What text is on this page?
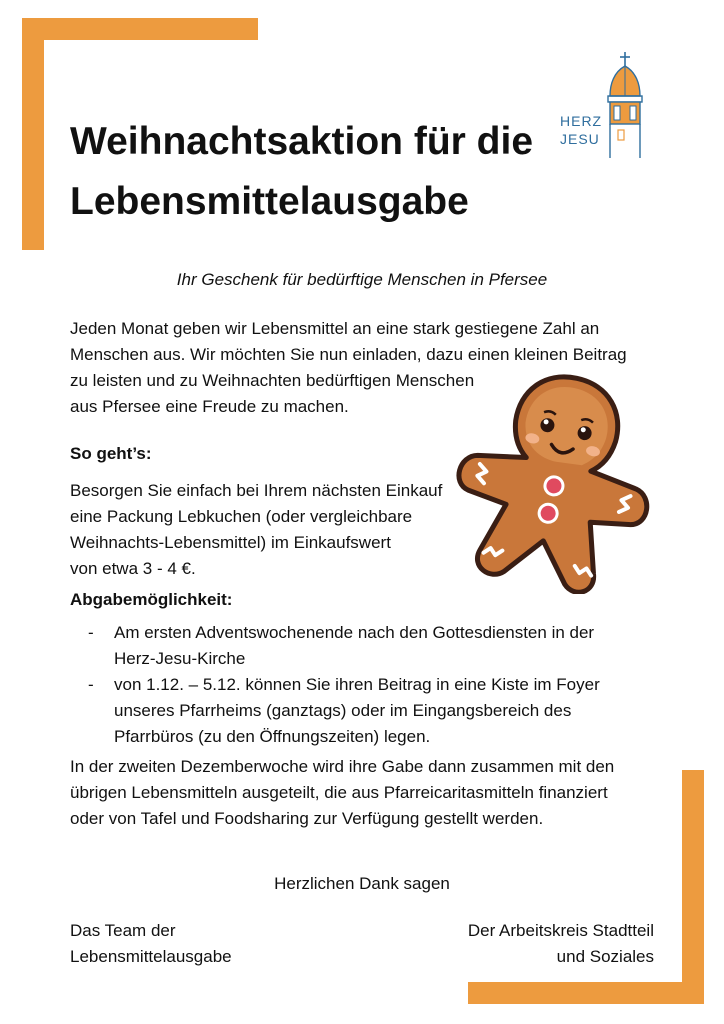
Weihnachtsaktion für die
Lebensmittelausgabe
HERZ
JESU
Ihr Geschenk für bedürftige Menschen in Pfersee
Jeden Monat geben wir Lebensmittel an eine stark gestiegene Zahl an
Menschen aus. Wir möchten Sie nun einladen, dazu einen kleinen Beitrag
zu leisten und zu Weihnachten bedürftigen Menschen
aus Pfersee eine Freude zu machen.
So geht’s:
Besorgen Sie einfach bei Ihrem nächsten Einkauf
eine Packung Lebkuchen (oder vergleichbare
Weihnachts-Lebensmittel) im Einkaufswert
von etwa 3 - 4 €.
Abgabemöglichkeit:
-	Am ersten Adventswochenende nach den Gottesdiensten in der
Herz-Jesu-Kirche
-	von 1.12. – 5.12. können Sie ihren Beitrag in eine Kiste im Foyer
unseres Pfarrheims (ganztags) oder im Eingangsbereich des
Pfarrbüros (zu den Öffnungszeiten) legen.
In der zweiten Dezemberwoche wird ihre Gabe dann zusammen mit den
übrigen Lebensmitteln ausgeteilt, die aus Pfarreicaritasmitteln finanziert
oder von Tafel und Foodsharing zur Verfügung gestellt werden.
Herzlichen Dank sagen
Das Team der
Lebensmittelausgabe
Der Arbeitskreis Stadtteil
und Soziales
